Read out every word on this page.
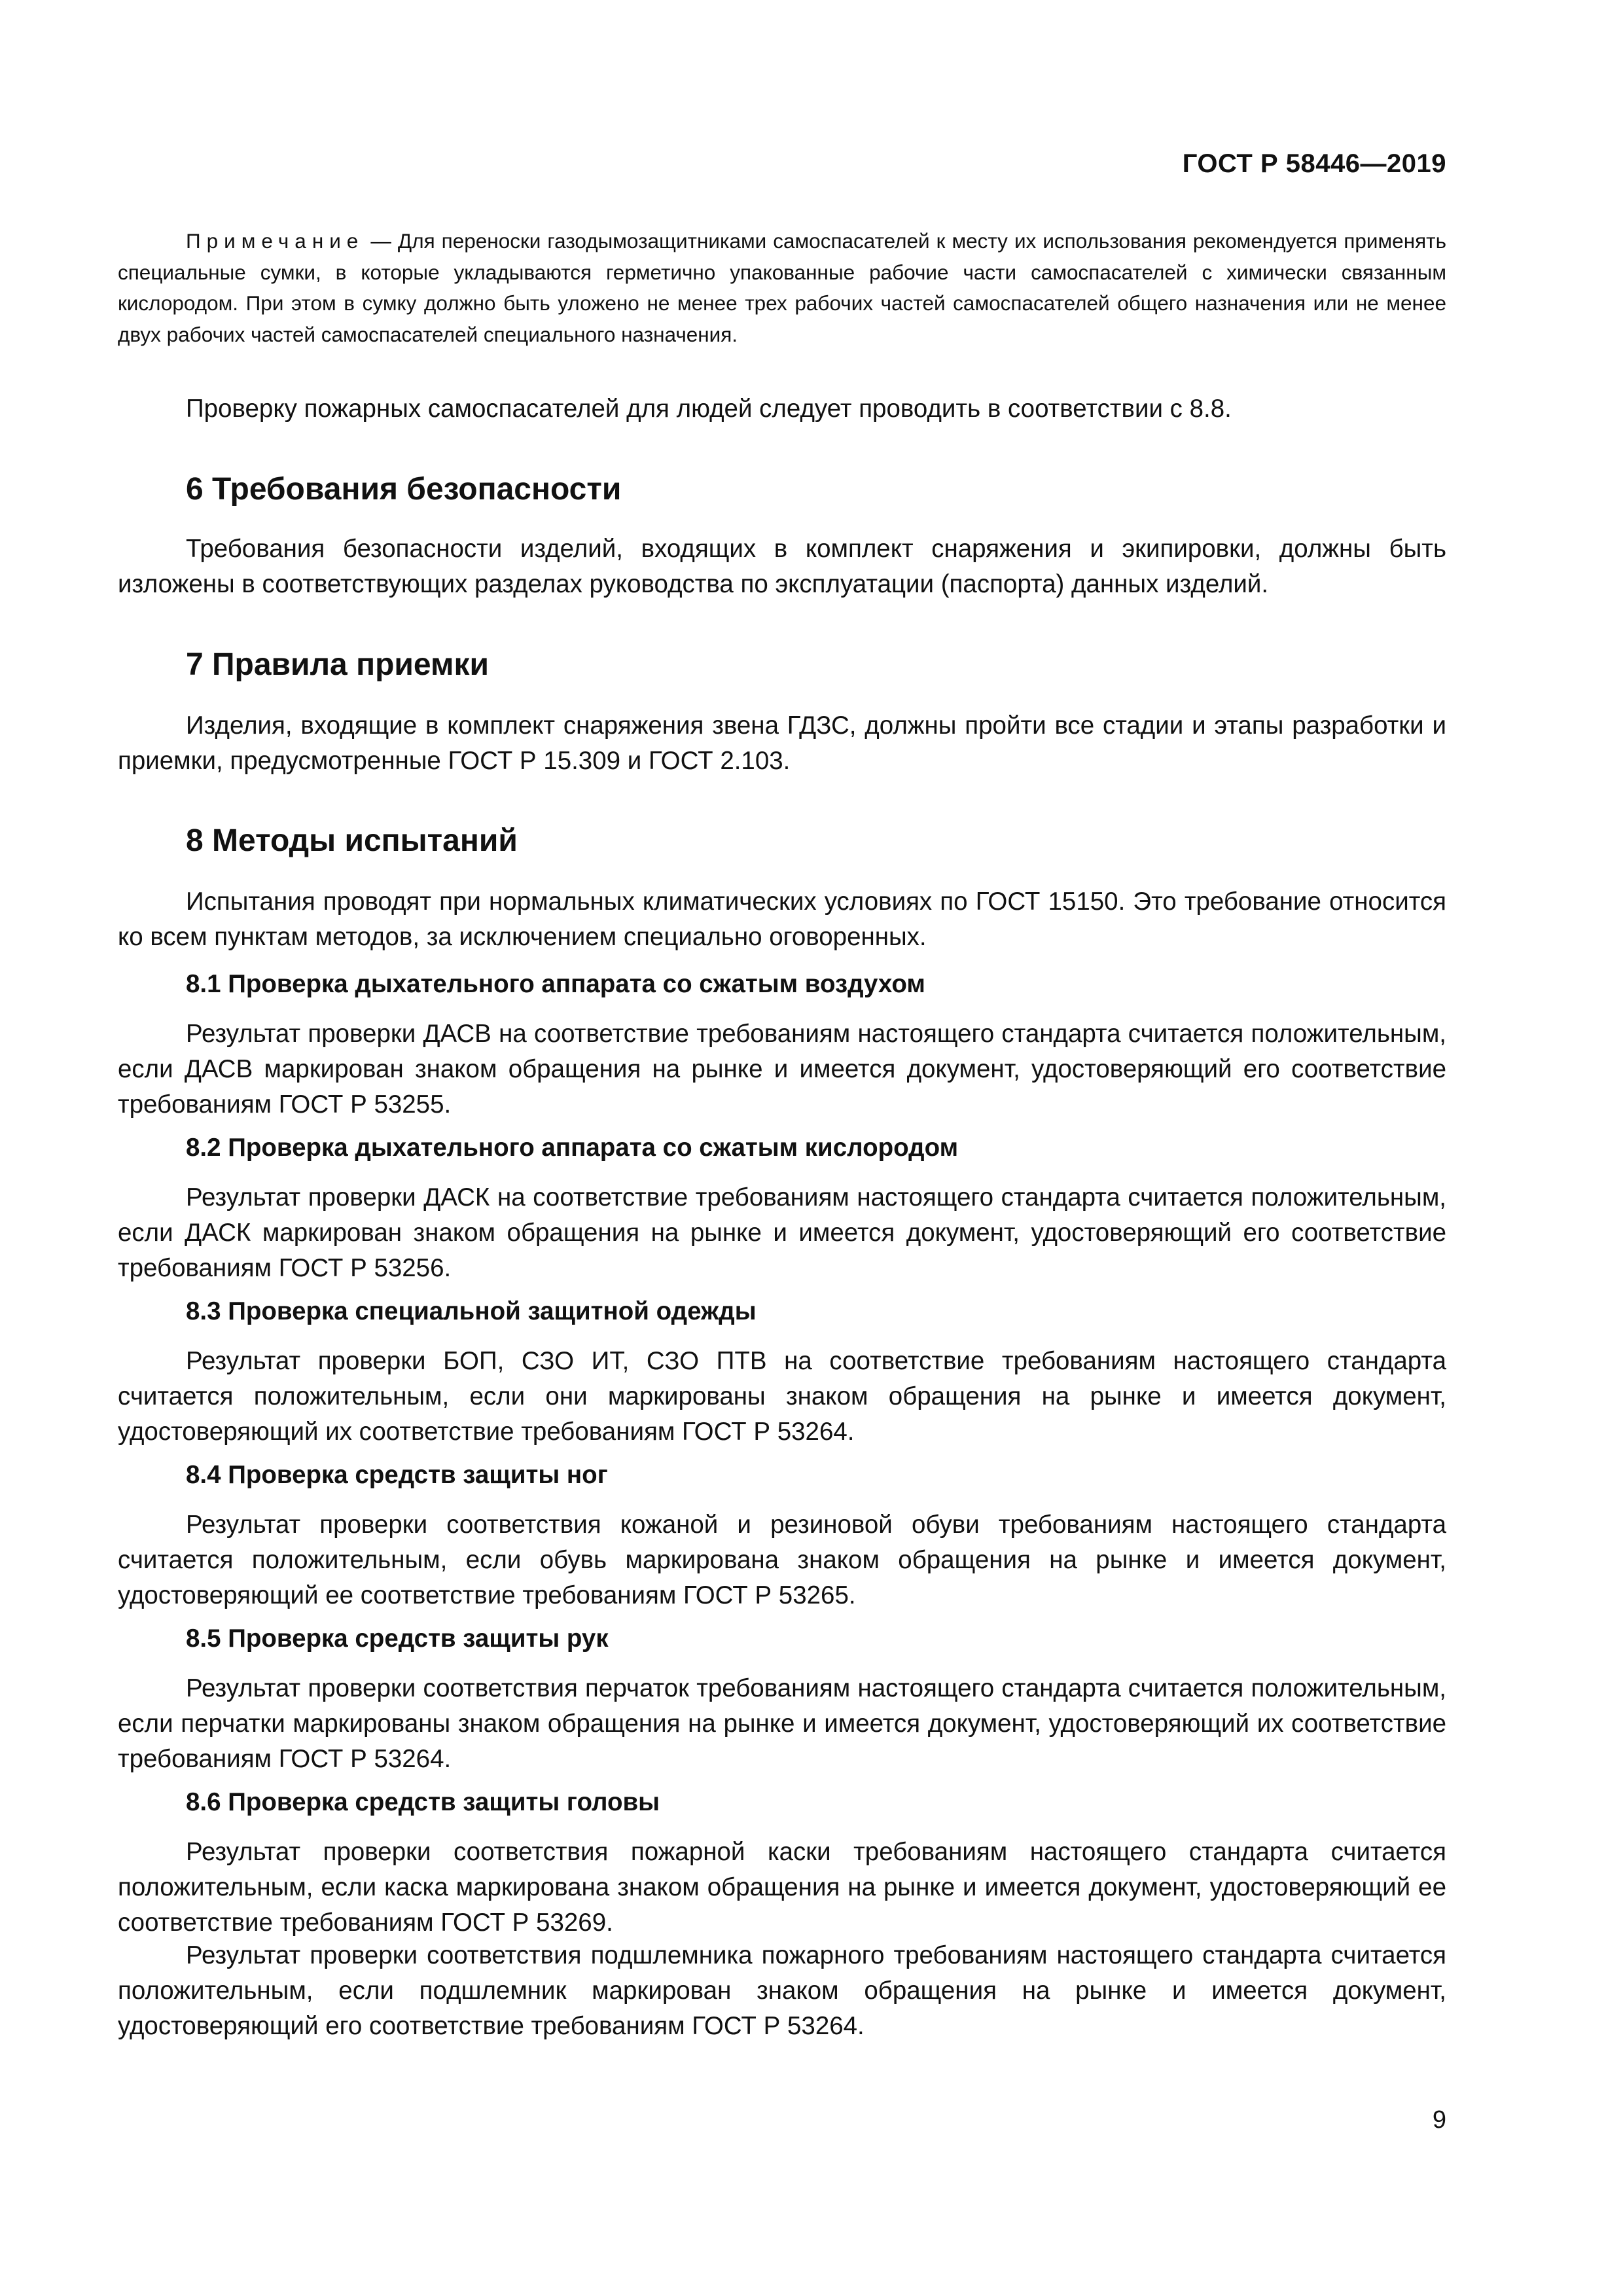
ГОСТ Р 58446—2019
Примечание — Для переноски газодымозащитниками самоспасателей к месту их использования рекомендуется применять специальные сумки, в которые укладываются герметично упакованные рабочие части самоспасателей с химически связанным кислородом. При этом в сумку должно быть уложено не менее трех рабочих частей самоспасателей общего назначения или не менее двух рабочих частей самоспасателей специального назначения.

Проверку пожарных самоспасателей для людей следует проводить в соответствии с 8.8.

6 Требования безопасности

Требования безопасности изделий, входящих в комплект снаряжения и экипировки, должны быть изложены в соответствующих разделах руководства по эксплуатации (паспорта) данных изделий.

7 Правила приемки

Изделия, входящие в комплект снаряжения звена ГДЗС, должны пройти все стадии и этапы разработки и приемки, предусмотренные ГОСТ Р 15.309 и ГОСТ 2.103.

8 Методы испытаний

Испытания проводят при нормальных климатических условиях по ГОСТ 15150. Это требование относится ко всем пунктам методов, за исключением специально оговоренных.

8.1 Проверка дыхательного аппарата со сжатым воздухом

Результат проверки ДАСВ на соответствие требованиям настоящего стандарта считается положительным, если ДАСВ маркирован знаком обращения на рынке и имеется документ, удостоверяющий его соответствие требованиям ГОСТ Р 53255.

8.2 Проверка дыхательного аппарата со сжатым кислородом

Результат проверки ДАСК на соответствие требованиям настоящего стандарта считается положительным, если ДАСК маркирован знаком обращения на рынке и имеется документ, удостоверяющий его соответствие требованиям ГОСТ Р 53256.

8.3 Проверка специальной защитной одежды

Результат проверки БОП, СЗО ИТ, СЗО ПТВ на соответствие требованиям настоящего стандарта считается положительным, если они маркированы знаком обращения на рынке и имеется документ, удостоверяющий их соответствие требованиям ГОСТ Р 53264.

8.4 Проверка средств защиты ног

Результат проверки соответствия кожаной и резиновой обуви требованиям настоящего стандарта считается положительным, если обувь маркирована знаком обращения на рынке и имеется документ, удостоверяющий ее соответствие требованиям ГОСТ Р 53265.

8.5 Проверка средств защиты рук

Результат проверки соответствия перчаток требованиям настоящего стандарта считается положительным, если перчатки маркированы знаком обращения на рынке и имеется документ, удостоверяющий их соответствие требованиям ГОСТ Р 53264.

8.6 Проверка средств защиты головы

Результат проверки соответствия пожарной каски требованиям настоящего стандарта считается положительным, если каска маркирована знаком обращения на рынке и имеется документ, удостоверяющий ее соответствие требованиям ГОСТ Р 53269.

Результат проверки соответствия подшлемника пожарного требованиям настоящего стандарта считается положительным, если подшлемник маркирован знаком обращения на рынке и имеется документ, удостоверяющий его соответствие требованиям ГОСТ Р 53264.

9
